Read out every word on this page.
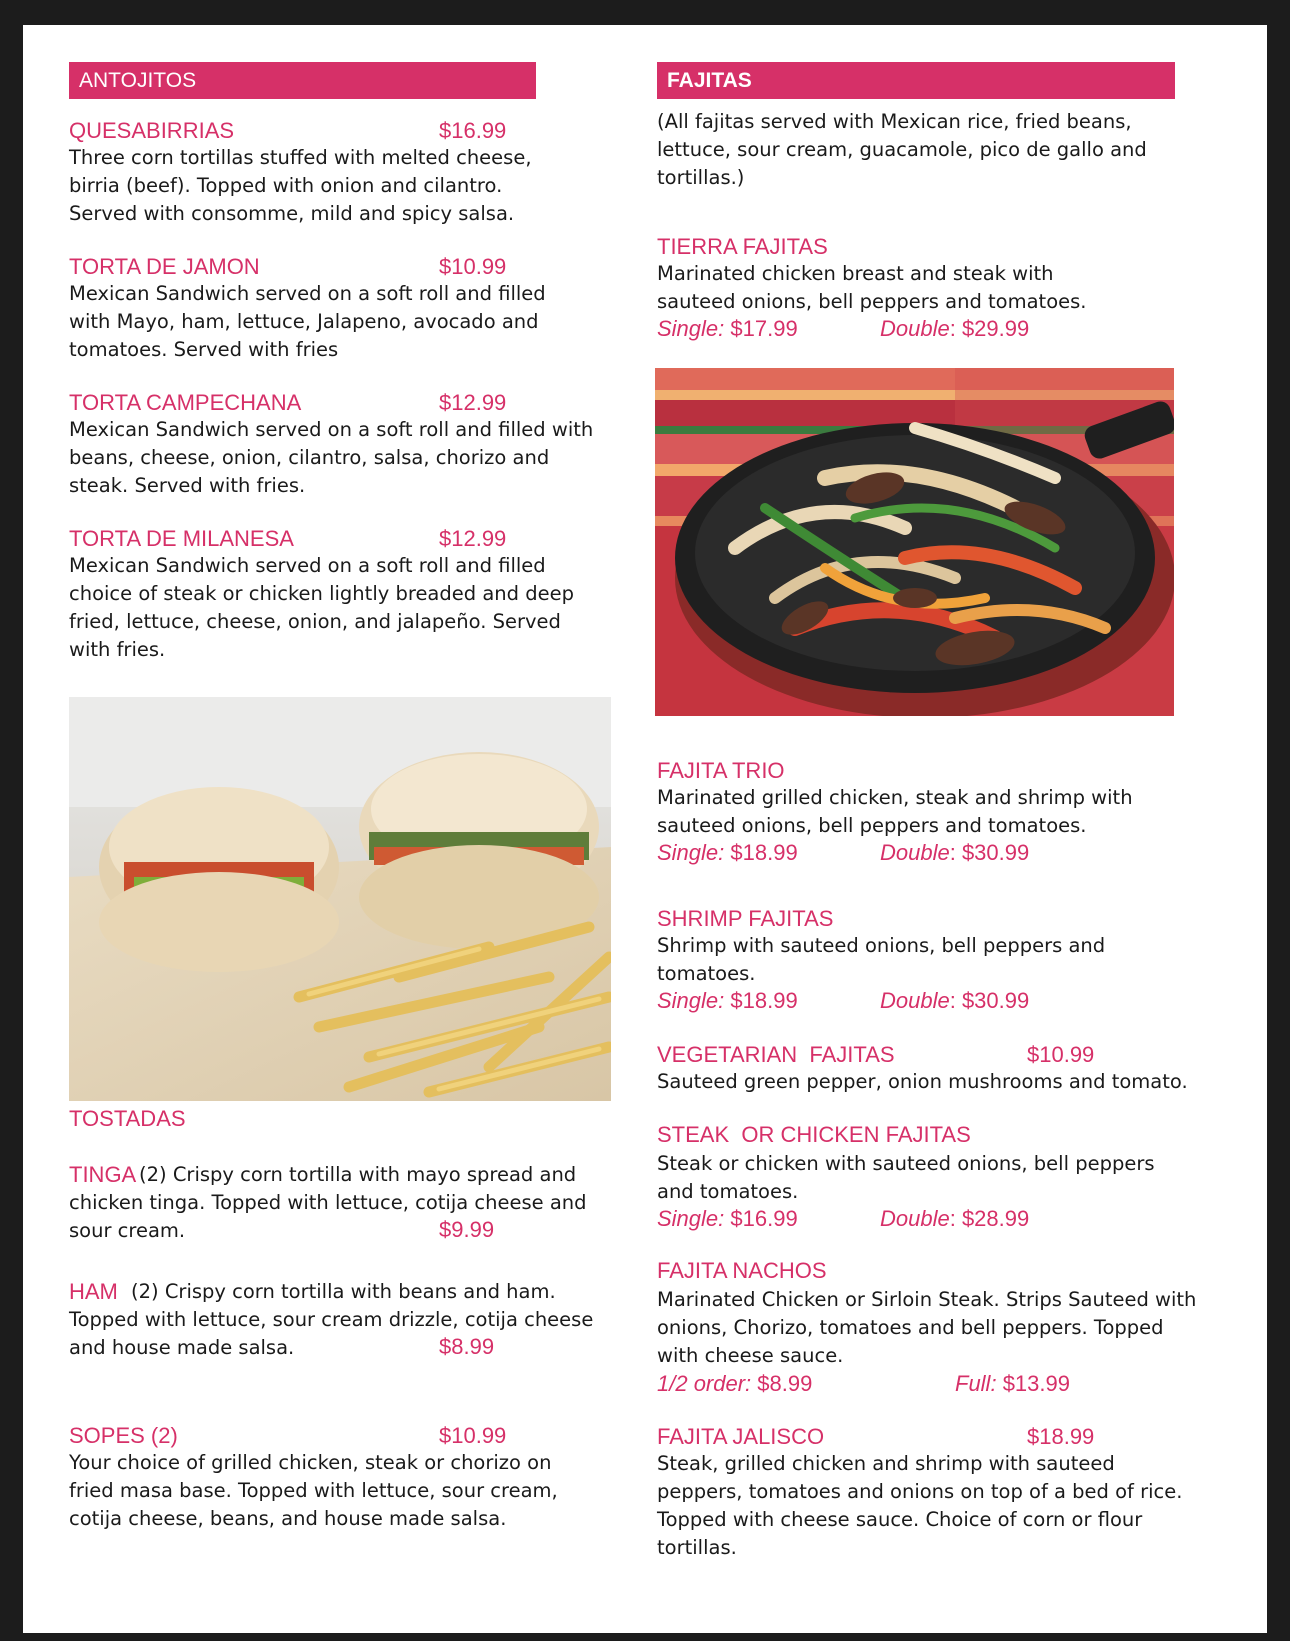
ANTOJITOS
QUESABIRRIAS	$16.99
Three corn tortillas stuffed with melted cheese, birria (beef). Topped with onion and cilantro. Served with consomme, mild and spicy salsa.
TORTA DE JAMON	$10.99
Mexican Sandwich served on a soft roll and filled with Mayo, ham, lettuce, Jalapeno, avocado and tomatoes. Served with fries
TORTA CAMPECHANA	$12.99
Mexican Sandwich served on a soft roll and filled with beans, cheese, onion, cilantro, salsa, chorizo and steak. Served with fries.
TORTA DE MILANESA	$12.99
Mexican Sandwich served on a soft roll and filled choice of steak or chicken lightly breaded and deep fried, lettuce, cheese, onion, and jalapeño. Served with fries.
TOSTADAS
TINGA (2) Crispy corn tortilla with mayo spread and
chicken tinga. Topped with lettuce, cotija cheese and
sour cream.	$9.99
HAM (2) Crispy corn tortilla with beans and ham.
Topped with lettuce, sour cream drizzle, cotija cheese
and house made salsa.	$8.99
SOPES (2)	$10.99
Your choice of grilled chicken, steak or chorizo on fried masa base. Topped with lettuce, sour cream, cotija cheese, beans, and house made salsa.
FAJITAS
(All fajitas served with Mexican rice, fried beans, lettuce, sour cream, guacamole, pico de gallo and tortillas.)
TIERRA FAJITAS
Marinated chicken breast and steak with sauteed onions, bell peppers and tomatoes.
Single: $17.99	Double: $29.99
FAJITA TRIO
Marinated grilled chicken, steak and shrimp with sauteed onions, bell peppers and tomatoes.
Single: $18.99	Double: $30.99
SHRIMP FAJITAS
Shrimp with sauteed onions, bell peppers and tomatoes.
Single: $18.99	Double: $30.99
VEGETARIAN  FAJITAS	$10.99
Sauteed green pepper, onion mushrooms and tomato.
STEAK  OR CHICKEN FAJITAS
Steak or chicken with sauteed onions, bell peppers and tomatoes.
Single: $16.99	Double: $28.99
FAJITA NACHOS
Marinated Chicken or Sirloin Steak. Strips Sauteed with onions, Chorizo, tomatoes and bell peppers. Topped with cheese sauce.
1/2 order: $8.99	Full: $13.99
FAJITA JALISCO	$18.99
Steak, grilled chicken and shrimp with sauteed peppers, tomatoes and onions on top of a bed of rice. Topped with cheese sauce. Choice of corn or flour tortillas.
